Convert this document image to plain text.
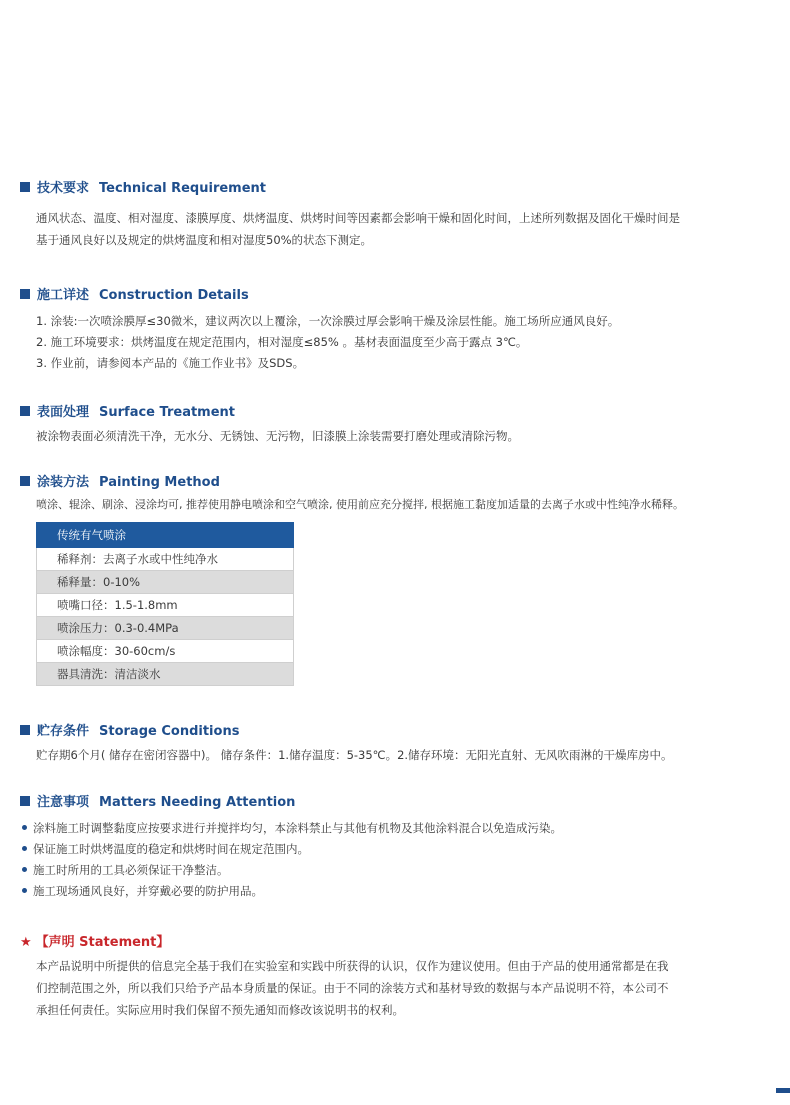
技术要求 Technical Requirement
通风状态、温度、相对湿度、漆膜厚度、烘烤温度、烘烤时间等因素都会影响干燥和固化时间，上述所列数据及固化干燥时间是
基于通风良好以及规定的烘烤温度和相对湿度50%的状态下测定。
施工详述 Construction Details
1. 涂装:一次喷涂膜厚≤30微米，建议两次以上覆涂，一次涂膜过厚会影响干燥及涂层性能。施工场所应通风良好。
2. 施工环境要求：烘烤温度在规定范围内，相对湿度≤85% 。基材表面温度至少高于露点 3℃。
3. 作业前，请参阅本产品的《施工作业书》及SDS。
表面处理 Surface Treatment
被涂物表面必须清洗干净，无水分、无锈蚀、无污物，旧漆膜上涂装需要打磨处理或清除污物。
涂装方法 Painting Method
喷涂、辊涂、刷涂、浸涂均可, 推荐使用静电喷涂和空气喷涂, 使用前应充分搅拌, 根据施工黏度加适量的去离子水或中性纯净水稀释。
传统有气喷涂
稀释剂：去离子水或中性纯净水
稀释量：0-10%
喷嘴口径：1.5-1.8mm
喷涂压力：0.3-0.4MPa
喷涂幅度：30-60cm/s
器具清洗：清洁淡水
贮存条件 Storage Conditions
贮存期6个月( 储存在密闭容器中)。 储存条件：1.储存温度：5-35℃。2.储存环境：无阳光直射、无风吹雨淋的干燥库房中。
注意事项 Matters Needing Attention
涂料施工时调整黏度应按要求进行并搅拌均匀，本涂料禁止与其他有机物及其他涂料混合以免造成污染。
保证施工时烘烤温度的稳定和烘烤时间在规定范围内。
施工时所用的工具必须保证干净整洁。
施工现场通风良好，并穿戴必要的防护用品。
★ 【声明 Statement】
本产品说明中所提供的信息完全基于我们在实验室和实践中所获得的认识，仅作为建议使用。但由于产品的使用通常都是在我
们控制范围之外，所以我们只给予产品本身质量的保证。由于不同的涂装方式和基材导致的数据与本产品说明不符，本公司不
承担任何责任。实际应用时我们保留不预先通知而修改该说明书的权利。
